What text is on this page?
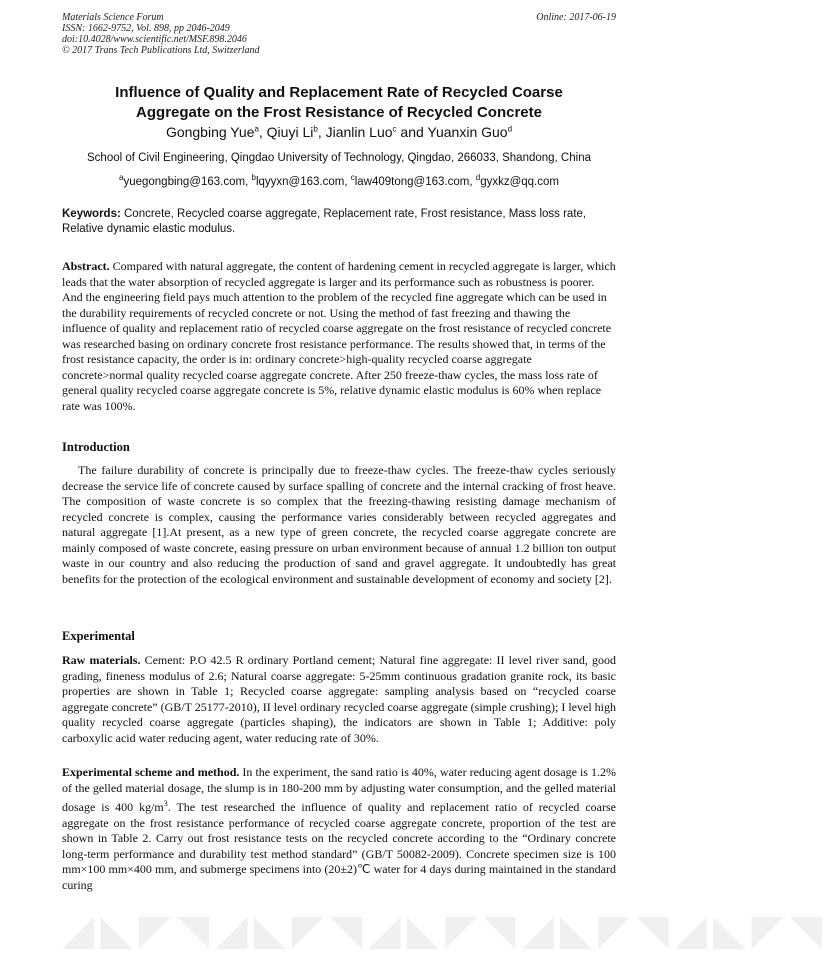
Materials Science Forum
ISSN: 1662-9752, Vol. 898, pp 2046-2049
doi:10.4028/www.scientific.net/MSF.898.2046
© 2017 Trans Tech Publications Ltd, Switzerland
Online: 2017-06-19
Influence of Quality and Replacement Rate of Recycled Coarse
Aggregate on the Frost Resistance of Recycled Concrete
Gongbing Yue$^a$, Qiuyi Li$^b$, Jianlin Luo$^c$ and Yuanxin Guo$^d$
School of Civil Engineering, Qingdao University of Technology, Qingdao, 266033, Shandong, China
$^a$yuegongbing@163.com, $^b$lqyyxn@163.com, $^c$law409tong@163.com, $^d$gyxkz@qq.com
Keywords: Concrete, Recycled coarse aggregate, Replacement rate, Frost resistance, Mass loss rate, Relative dynamic elastic modulus.
Abstract. Compared with natural aggregate, the content of hardening cement in recycled aggregate is larger, which leads that the water absorption of recycled aggregate is larger and its performance such as robustness is poorer. And the engineering field pays much attention to the problem of the recycled fine aggregate which can be used in the durability requirements of recycled concrete or not. Using the method of fast freezing and thawing the influence of quality and replacement ratio of recycled coarse aggregate on the frost resistance of recycled concrete was researched basing on ordinary concrete frost resistance performance. The results showed that, in terms of the frost resistance capacity, the order is in: ordinary concrete>high-quality recycled coarse aggregate concrete>normal quality recycled coarse aggregate concrete. After 250 freeze-thaw cycles, the mass loss rate of general quality recycled coarse aggregate concrete is 5%, relative dynamic elastic modulus is 60% when replace rate was 100%.
Introduction
The failure durability of concrete is principally due to freeze-thaw cycles. The freeze-thaw cycles seriously decrease the service life of concrete caused by surface spalling of concrete and the internal cracking of frost heave. The composition of waste concrete is so complex that the freezing-thawing resisting damage mechanism of recycled concrete is complex, causing the performance varies considerably between recycled aggregates and natural aggregate [1].At present, as a new type of green concrete, the recycled coarse aggregate concrete are mainly composed of waste concrete, easing pressure on urban environment because of annual 1.2 billion ton output waste in our country and also reducing the production of sand and gravel aggregate. It undoubtedly has great benefits for the protection of the ecological environment and sustainable development of economy and society [2].
Experimental
Raw materials. Cement: P.O 42.5 R ordinary Portland cement; Natural fine aggregate: II level river sand, good grading, fineness modulus of 2.6; Natural coarse aggregate: 5-25mm continuous gradation granite rock, its basic properties are shown in Table 1; Recycled coarse aggregate: sampling analysis based on “recycled coarse aggregate concrete” (GB/T 25177-2010), II level ordinary recycled coarse aggregate (simple crushing); I level high quality recycled coarse aggregate (particles shaping), the indicators are shown in Table 1; Additive: poly carboxylic acid water reducing agent, water reducing rate of 30%.
Experimental scheme and method. In the experiment, the sand ratio is 40%, water reducing agent dosage is 1.2% of the gelled material dosage, the slump is in 180-200 mm by adjusting water consumption, and the gelled material dosage is 400 $kg/m^3$. The test researched the influence of quality and replacement ratio of recycled coarse aggregate on the frost resistance performance of recycled coarse aggregate concrete, proportion of the test are shown in Table 2. Carry out frost resistance tests on the recycled concrete according to the “Ordinary concrete long-term performance and durability test method standard” (GB/T 50082-2009). Concrete specimen size is 100 mm×100 mm×400 mm, and submerge specimens into (20±2)℃ water for 4 days during maintained in the standard curing
◢◣◤◥◢◣◤◥◢◣◤◥◢◣◤◥◢◣◤◥
